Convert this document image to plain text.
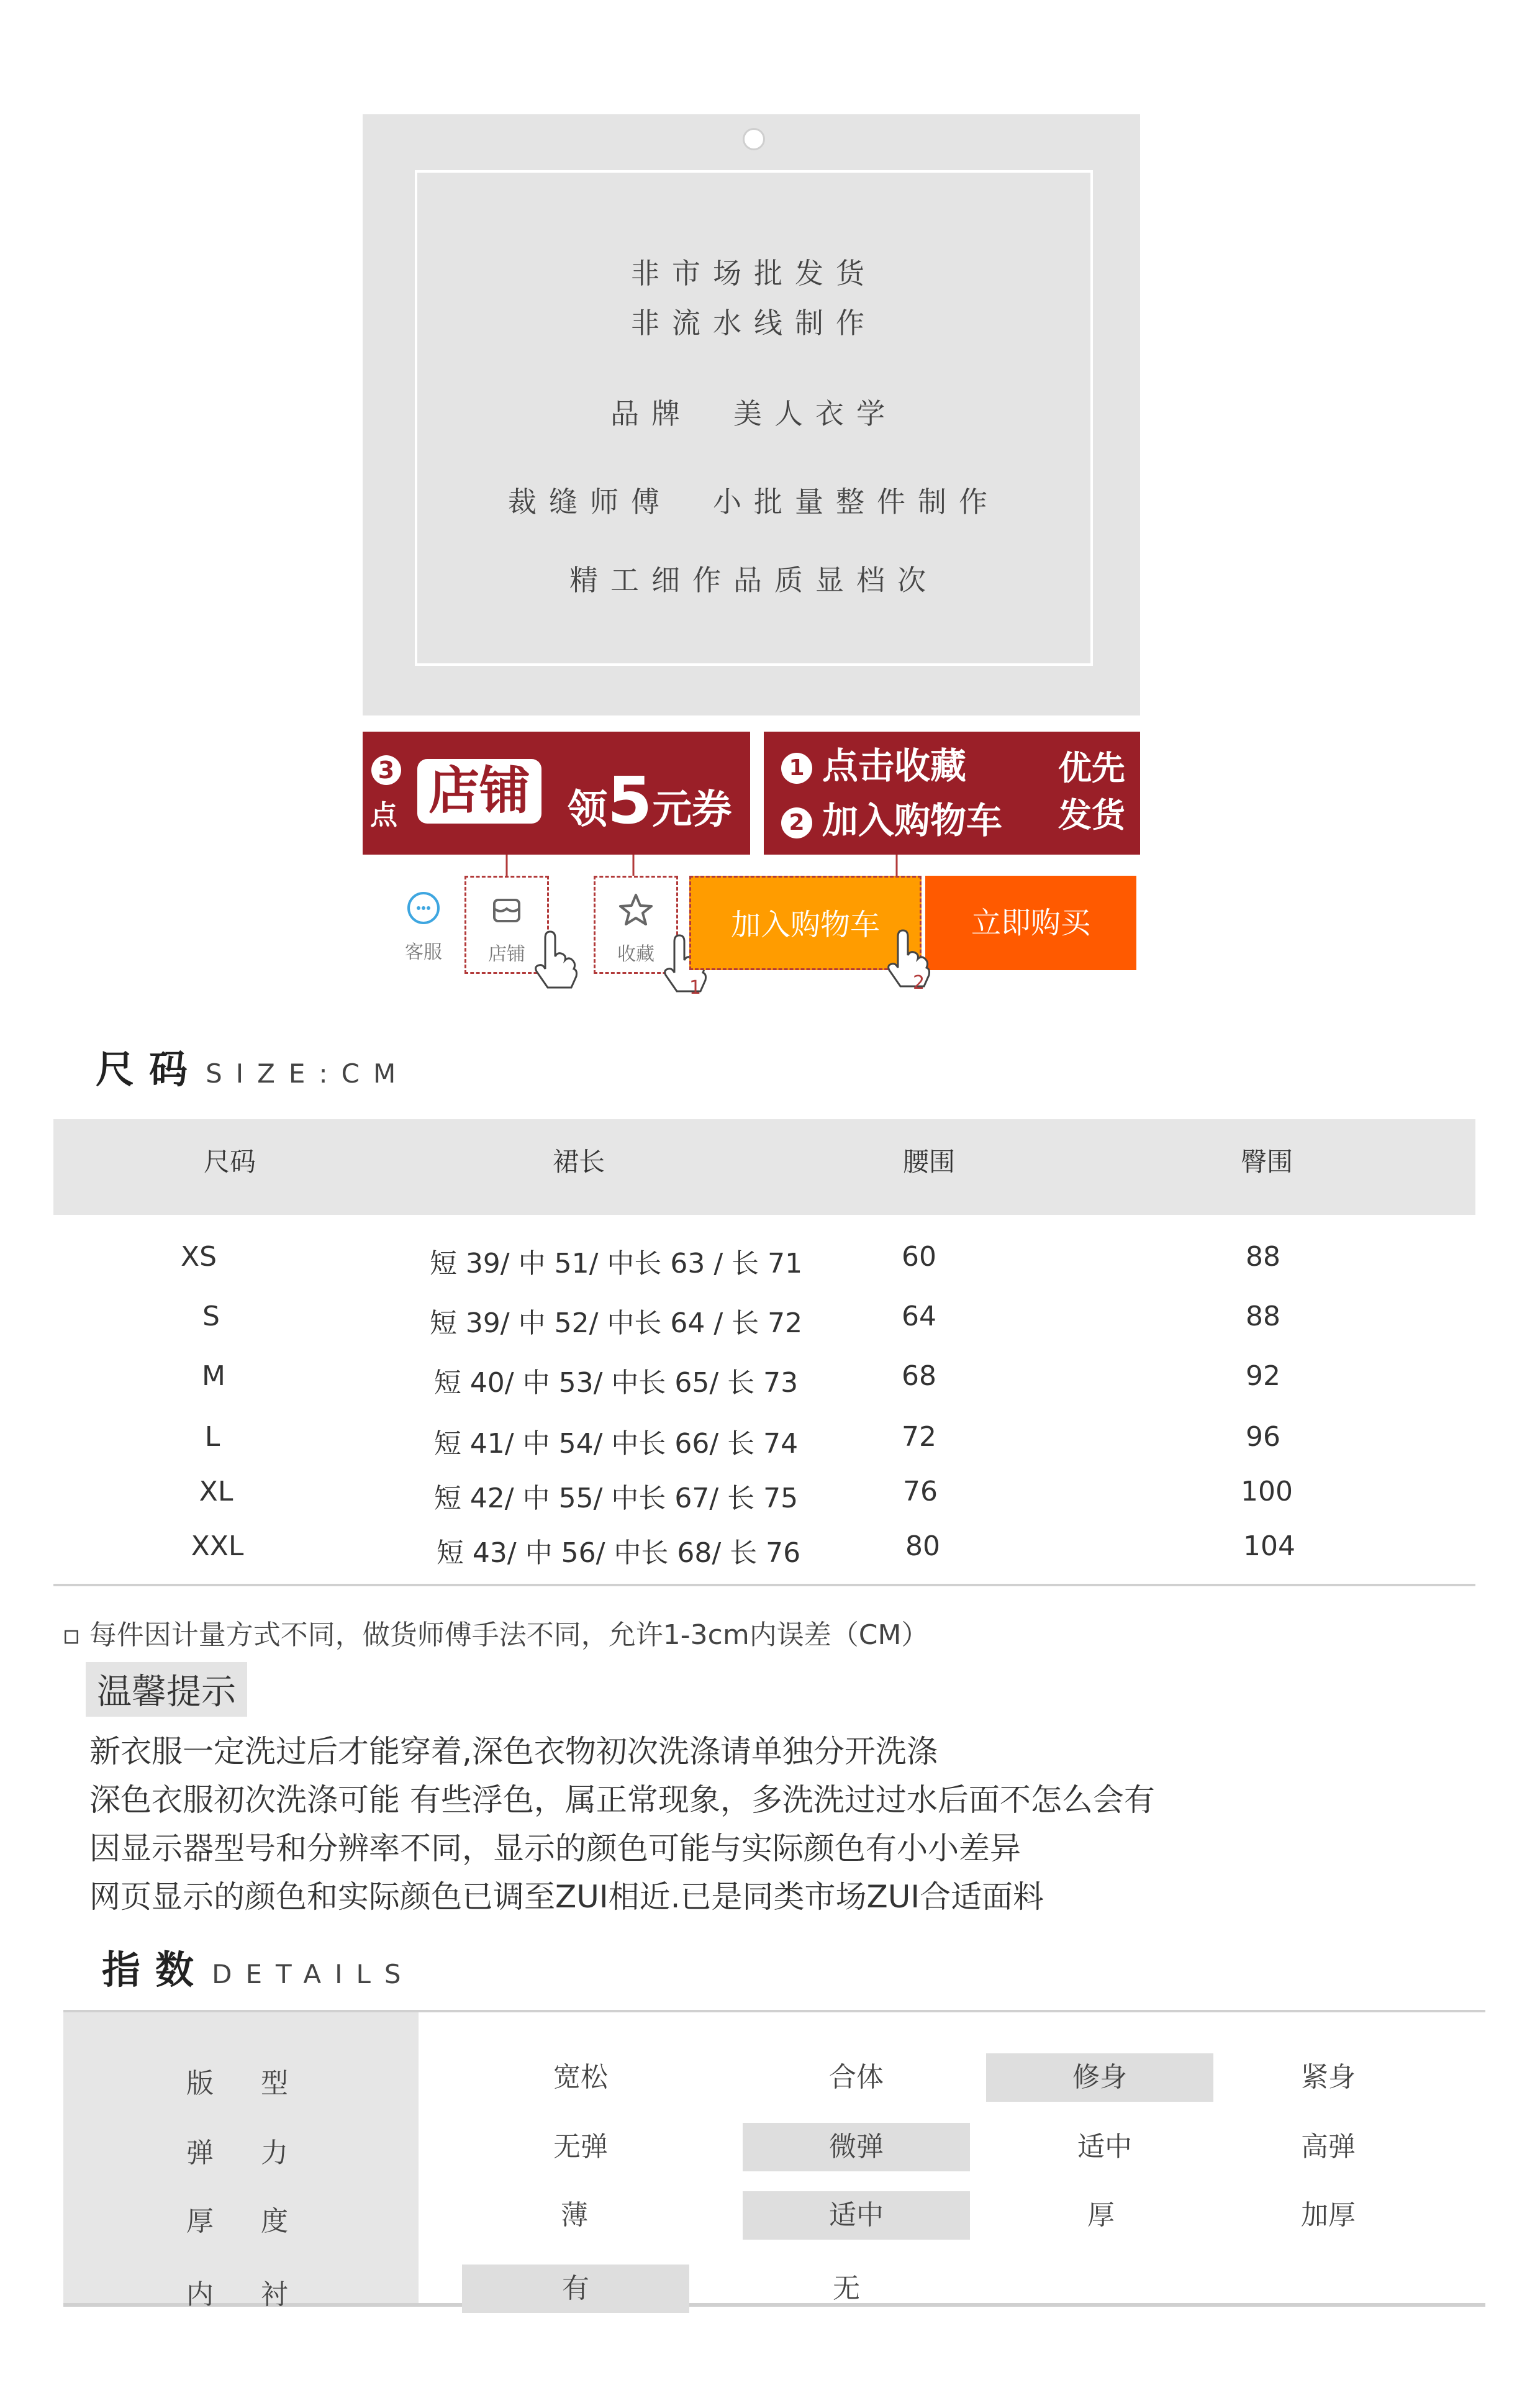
非市场批发货
非流水线制作
品牌　美人衣学
裁缝师傅　小批量整件制作
精工细作品质显档次
3
点 店铺 领5元券
1 点击收藏
2 加入购物车
优先
发货
客服	店铺	收藏
1
加入购物车	立即购买
2
尺码 SIZE:CM
尺码	裙长	腰围	臀围
XS	短 39/ 中 51/ 中长 63 / 长 71	60	88
S	短 39/ 中 52/ 中长 64 / 长 72	64	88
M	短 40/ 中 53/ 中长 65/ 长 73	68	92
L	短 41/ 中 54/ 中长 66/ 长 74	72	96
XL	短 42/ 中 55/ 中长 67/ 长 75	76	100
XXL	短 43/ 中 56/ 中长 68/ 长 76	80	104
▫ 每件因计量方式不同，做货师傅手法不同，允许1-3cm内误差（CM）
温馨提示
新衣服一定洗过后才能穿着,深色衣物初次洗涤请单独分开洗涤
深色衣服初次洗涤可能 有些浮色，属正常现象，多洗洗过过水后面不怎么会有
因显示器型号和分辨率不同，显示的颜色可能与实际颜色有小小差异
网页显示的颜色和实际颜色已调至ZUI相近.已是同类市场ZUI合适面料
指数 DETAILS
版型	宽松	合体	修身	紧身
弹力	无弹	微弹	适中	高弹
厚度	薄	适中	厚	加厚
内衬	有	无
